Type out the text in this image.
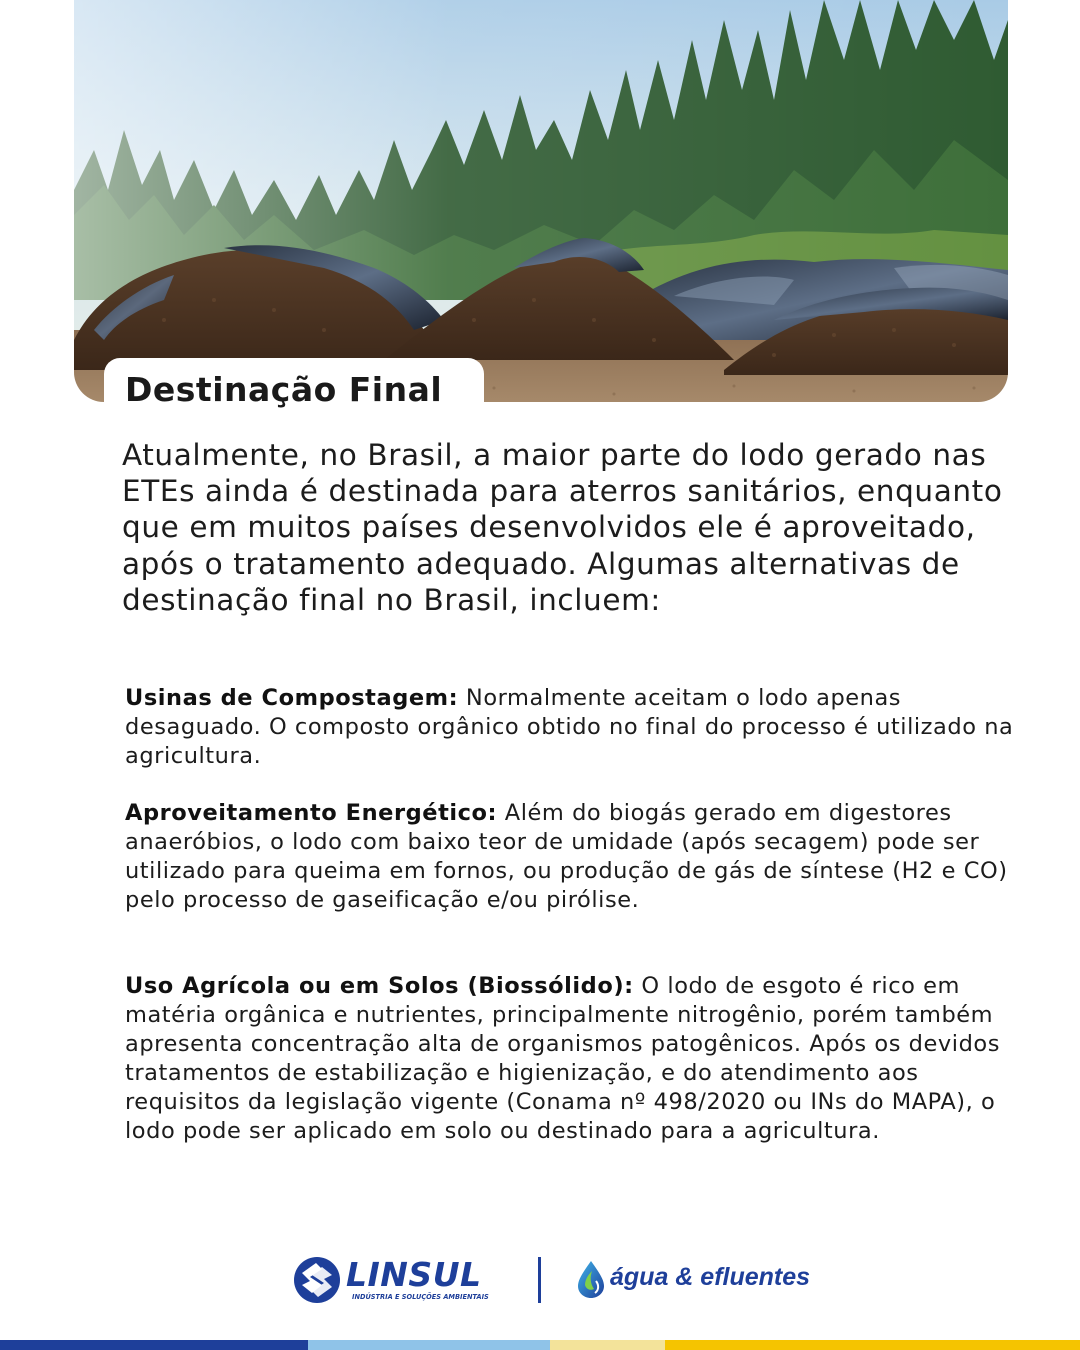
Destinação Final

Atualmente, no Brasil, a maior parte do lodo gerado nas ETEs ainda é destinada para aterros sanitários, enquanto que em muitos países desenvolvidos ele é aproveitado, após o tratamento adequado. Algumas alternativas de destinação final no Brasil, incluem:

Usinas de Compostagem: Normalmente aceitam o lodo apenas desaguado. O composto orgânico obtido no final do processo é utilizado na agricultura.

Aproveitamento Energético: Além do biogás gerado em digestores anaeróbios, o lodo com baixo teor de umidade (após secagem) pode ser utilizado para queima em fornos, ou produção de gás de síntese (H2 e CO) pelo processo de gaseificação e/ou pirólise.

Uso Agrícola ou em Solos (Biossólido): O lodo de esgoto é rico em matéria orgânica e nutrientes, principalmente nitrogênio, porém também apresenta concentração alta de organismos patogênicos. Após os devidos tratamentos de estabilização e higienização, e do atendimento aos requisitos da legislação vigente (Conama nº 498/2020 ou INs do MAPA), o lodo pode ser aplicado em solo ou destinado para a agricultura.

LINSUL
INDÚSTRIA E SOLUÇÕES AMBIENTAIS
água & efluentes
